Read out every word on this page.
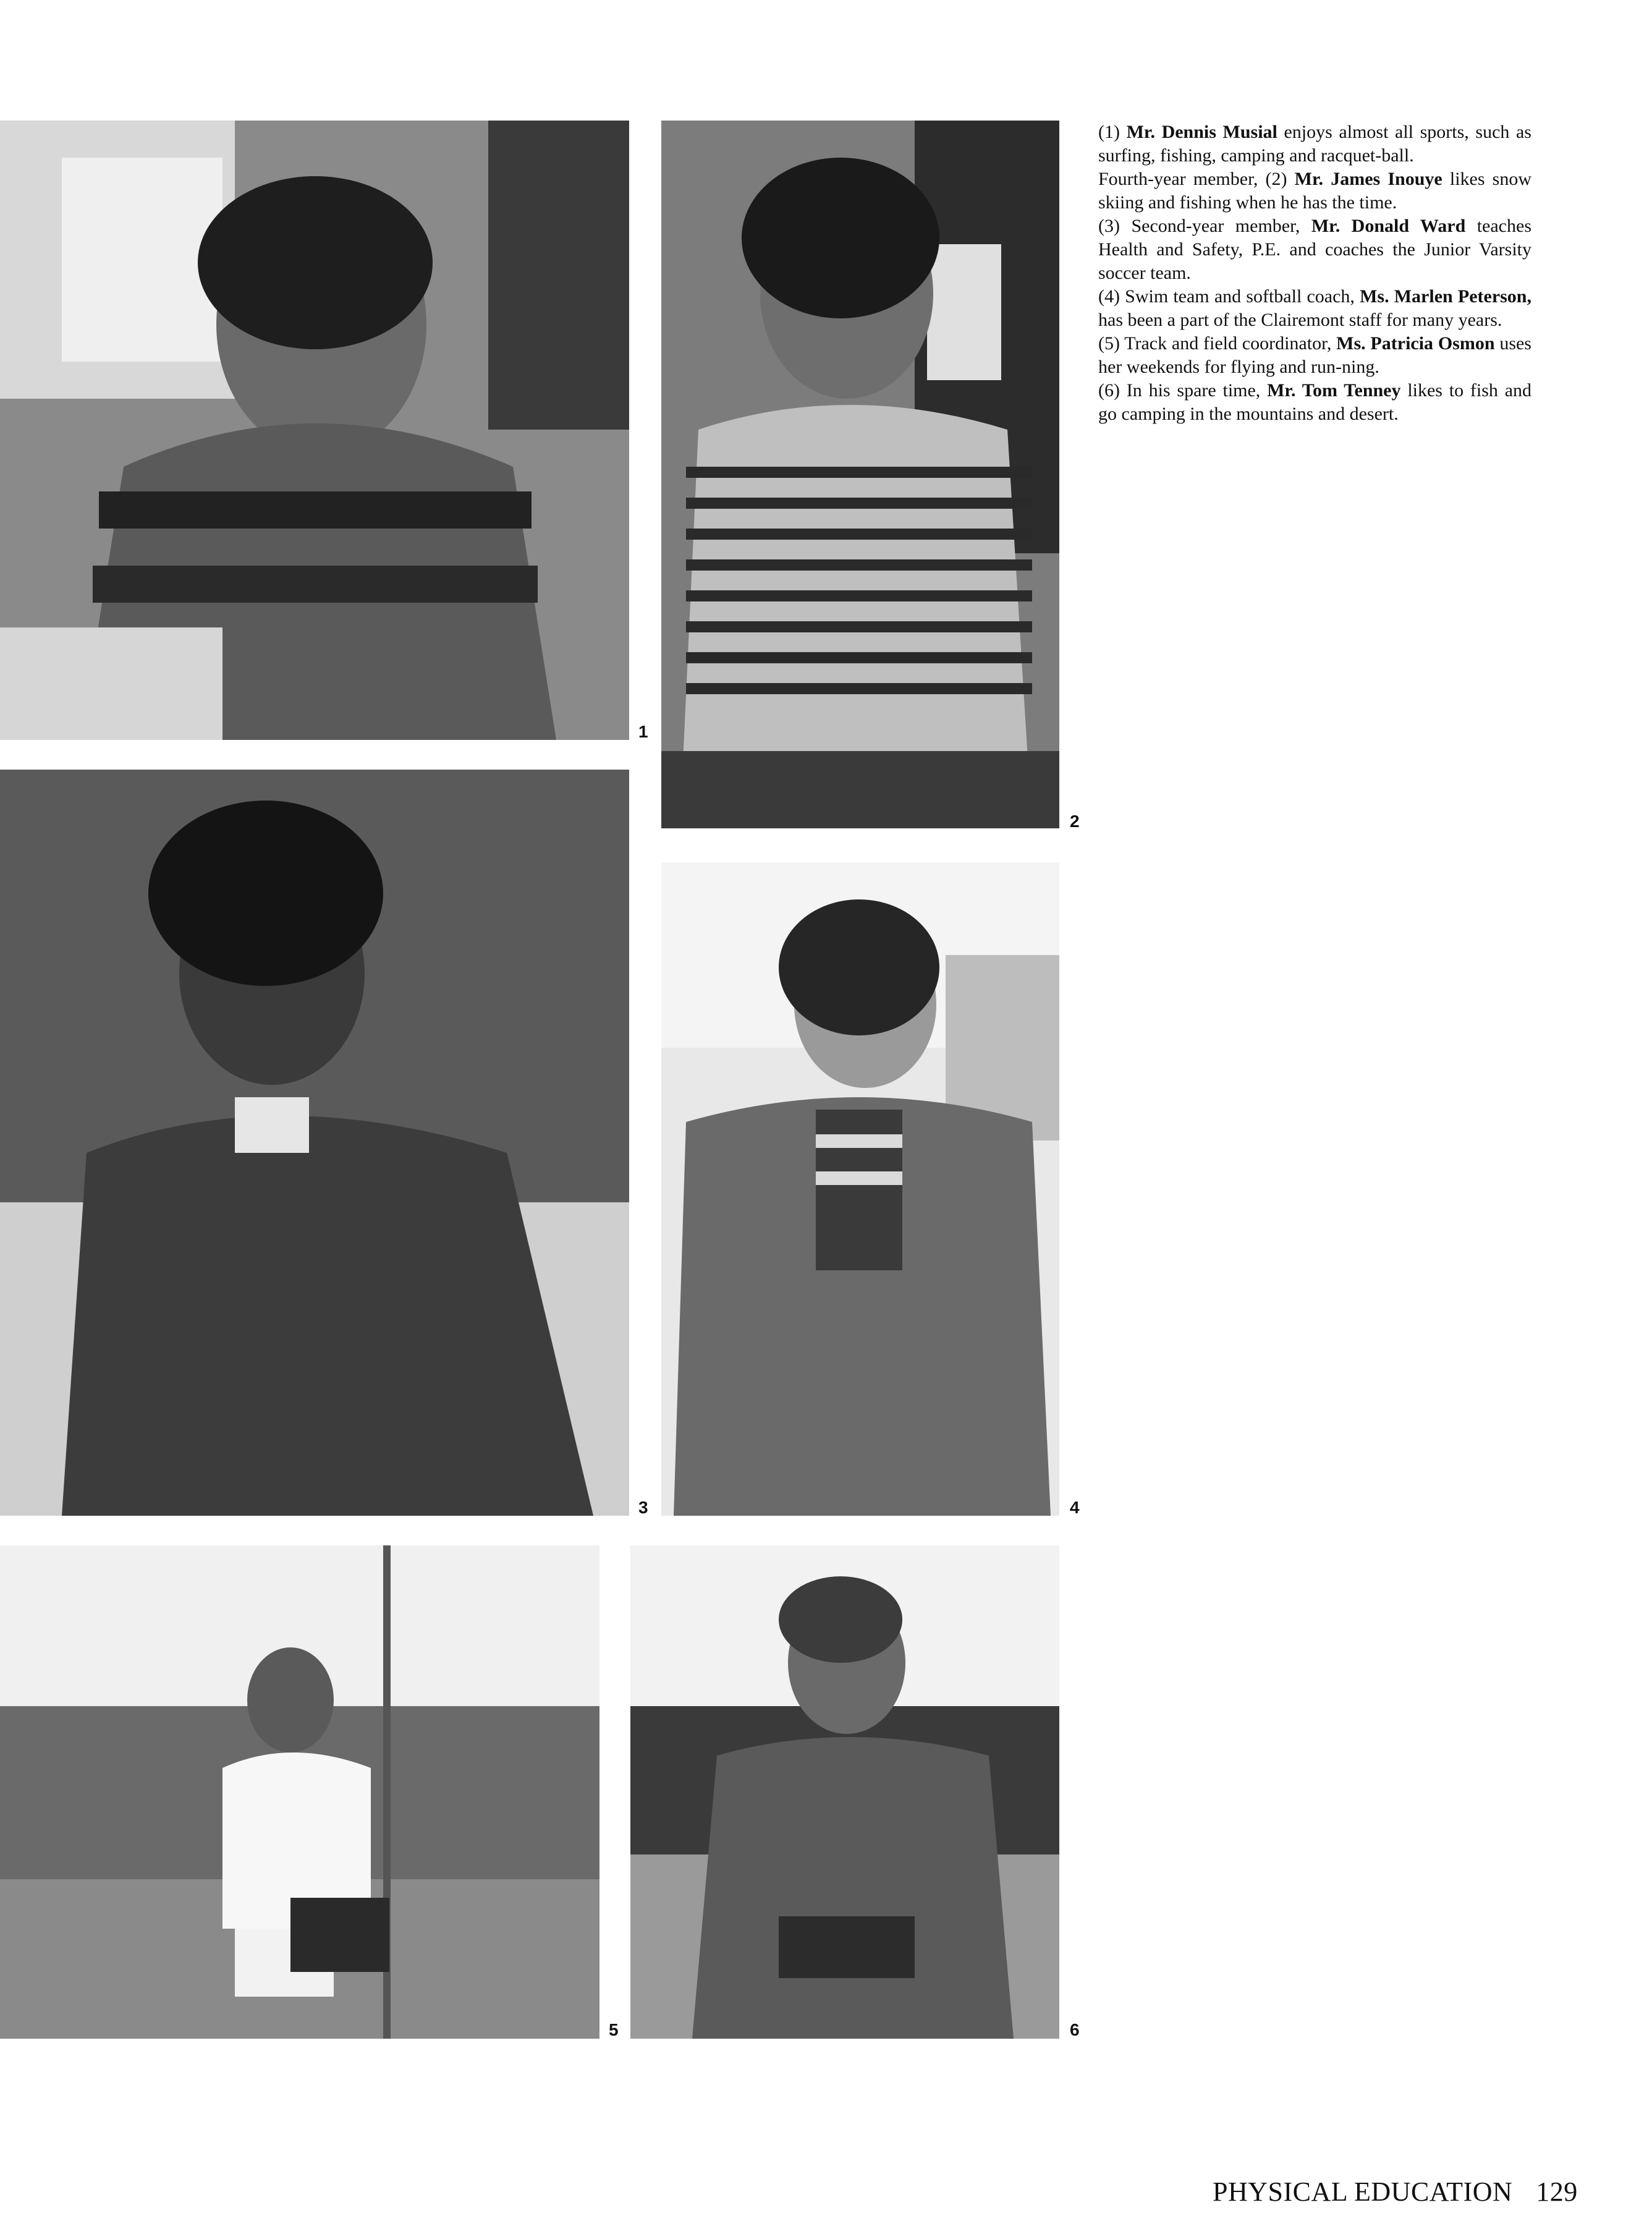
1
2
3	4
5	6

(1) Mr. Dennis Musial enjoys almost all sports, such as surfing, fishing, camping and racquet-ball.

Fourth-year member, (2) Mr. James Inouye likes snow skiing and fishing when he has the time.

(3) Second-year member, Mr. Donald Ward teaches Health and Safety, P.E. and coaches the Junior Varsity soccer team.

(4) Swim team and softball coach, Ms. Marlen Peterson, has been a part of the Clairemont staff for many years.

(5) Track and field coordinator, Ms. Patricia Osmon uses her weekends for flying and run-ning.

(6) In his spare time, Mr. Tom Tenney likes to fish and go camping in the mountains and desert.

PHYSICAL EDUCATION 129
